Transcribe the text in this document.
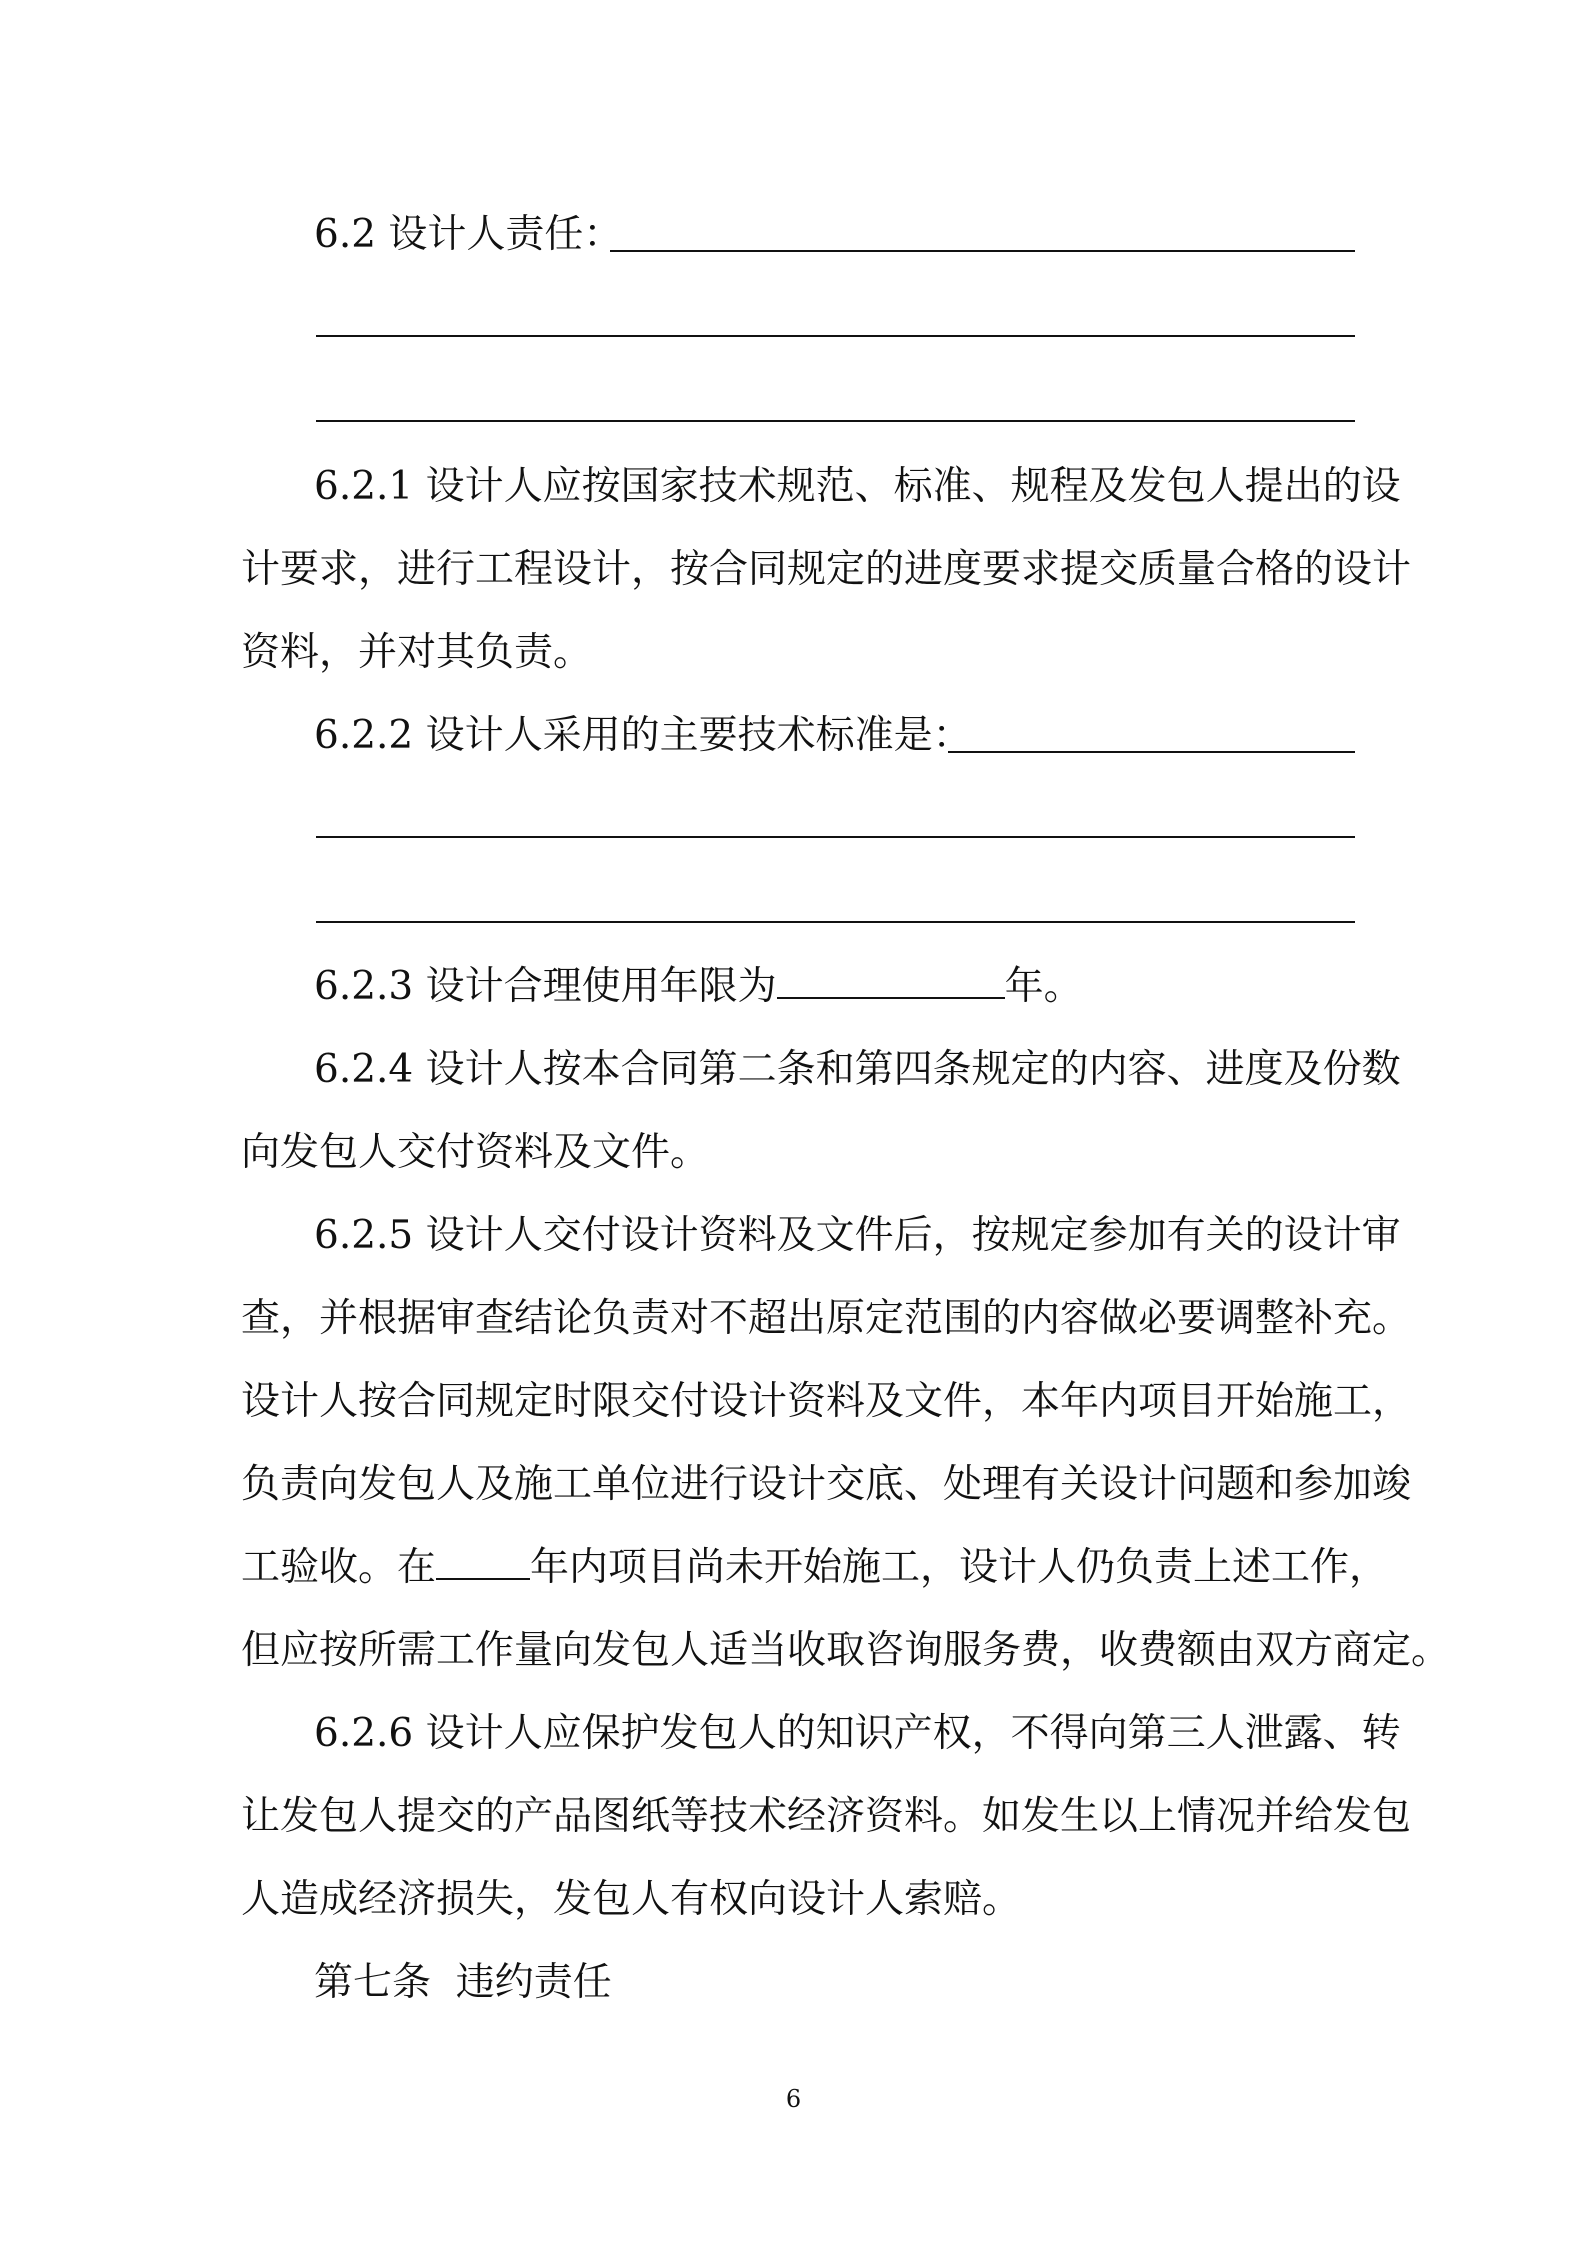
6.2 设计人责任：
6.2.1 设计人应按国家技术规范、标准、规程及发包人提出的设
计要求，进行工程设计，按合同规定的进度要求提交质量合格的设计
资料，并对其负责。
6.2.2 设计人采用的主要技术标准是：
6.2.3 设计合理使用年限为	年。
6.2.4 设计人按本合同第二条和第四条规定的内容、进度及份数
向发包人交付资料及文件。
6.2.5 设计人交付设计资料及文件后，按规定参加有关的设计审
查，并根据审查结论负责对不超出原定范围的内容做必要调整补充。
设计人按合同规定时限交付设计资料及文件，本年内项目开始施工，
负责向发包人及施工单位进行设计交底、处理有关设计问题和参加竣
工验收。在 年内项目尚未开始施工，设计人仍负责上述工作，
但应按所需工作量向发包人适当收取咨询服务费，收费额由双方商定。
6.2.6 设计人应保护发包人的知识产权，不得向第三人泄露、转
让发包人提交的产品图纸等技术经济资料。如发生以上情况并给发包
人造成经济损失，发包人有权向设计人索赔。
第七条  违约责任
6
